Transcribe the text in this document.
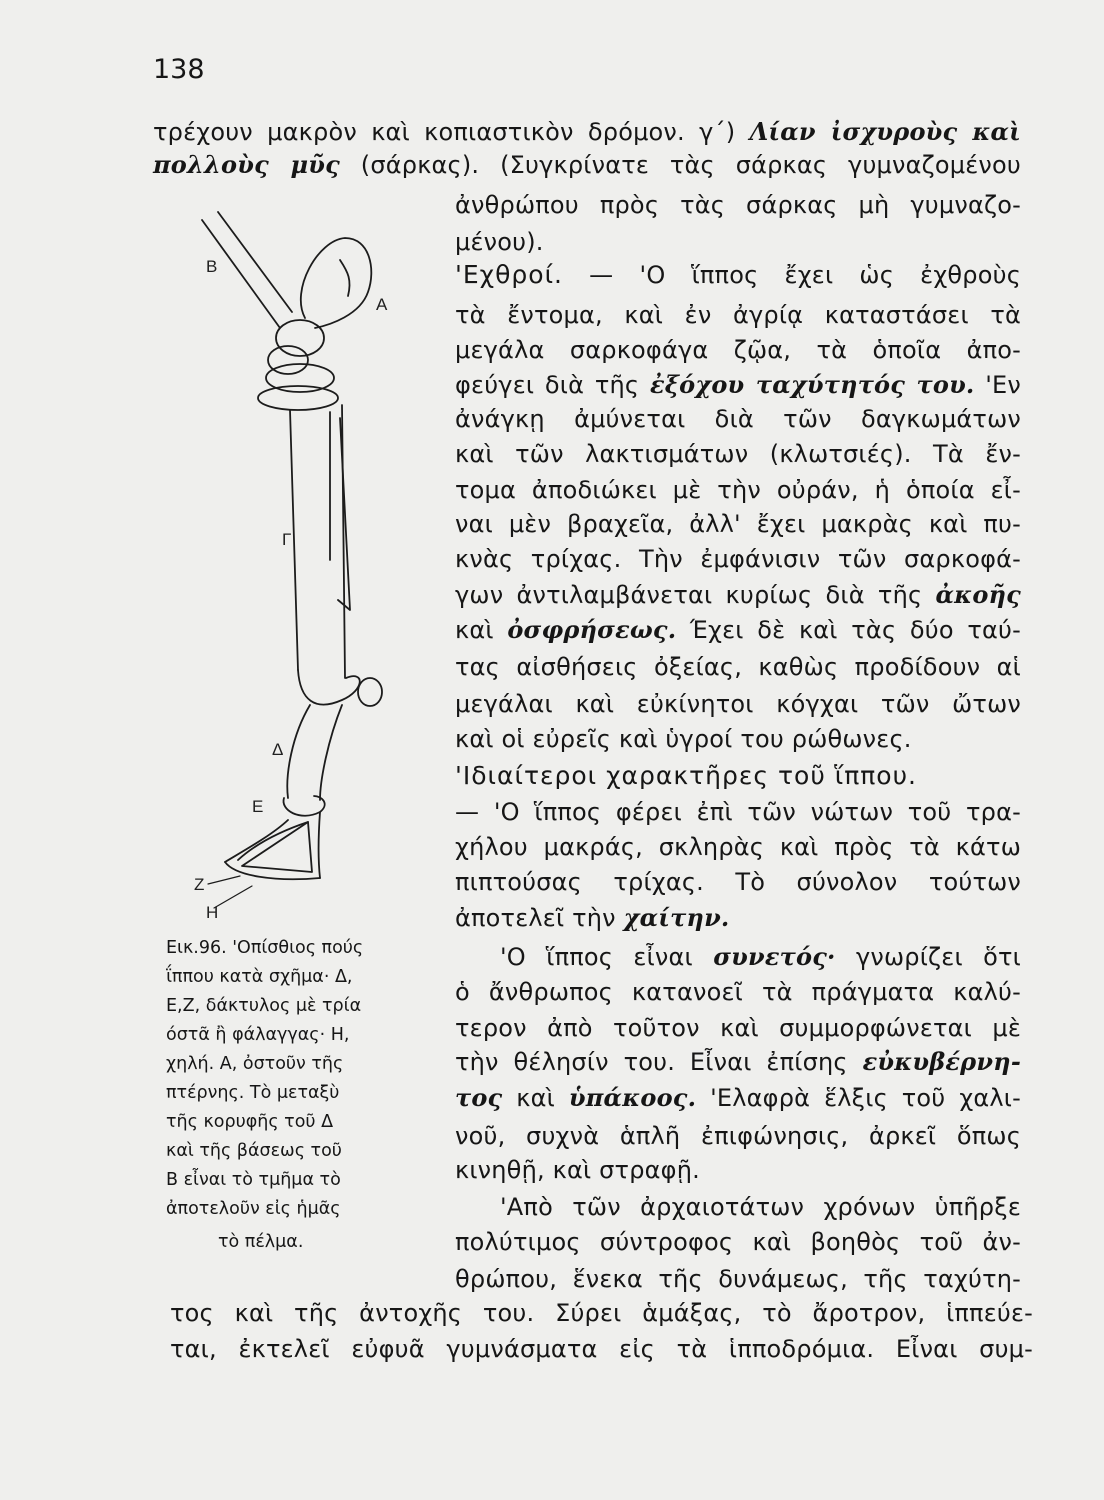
138
τρέχουν μακρὸν καὶ κοπιαστικὸν δρόμον. γ΄) Λίαν ἰσχυροὺς καὶ
πολλοὺς μῦς (σάρκας). (Συγκρίνατε τὰς σάρκας γυμναζομένου
ἀνθρώπου πρὸς τὰς σάρκας μὴ γυμναζο-
μένου).
'Εχθροί. — 'Ο ἵππος ἔχει ὡς ἐχθροὺς
τὰ ἔντομα, καὶ ἐν ἀγρίᾳ καταστάσει τὰ
μεγάλα σαρκοφάγα ζῷα, τὰ ὁποῖα ἀπο-
φεύγει διὰ τῆς ἐξόχου ταχύτητός του. 'Εν
ἀνάγκῃ ἀμύνεται διὰ τῶν δαγκωμάτων
καὶ τῶν λακτισμάτων (κλωτσιές). Τὰ ἔν-
τομα ἀποδιώκει μὲ τὴν οὐράν, ἡ ὁποία εἶ-
ναι μὲν βραχεῖα, ἀλλ' ἔχει μακρὰς καὶ πυ-
κνὰς τρίχας. Τὴν ἐμφάνισιν τῶν σαρκοφά-
γων ἀντιλαμβάνεται κυρίως διὰ τῆς ἀκοῆς
καὶ ὀσφρήσεως. Έχει δὲ καὶ τὰς δύο ταύ-
τας αἰσθήσεις ὀξείας, καθὼς προδίδουν αἱ
μεγάλαι καὶ εὐκίνητοι κόγχαι τῶν ὤτων
καὶ οἱ εὐρεῖς καὶ ὑγροί του ρώθωνες.
'Ιδιαίτεροι χαρακτῆρες τοῦ ἵππου.
— 'Ο ἵππος φέρει ἐπὶ τῶν νώτων τοῦ τρα-
χήλου μακράς, σκληρὰς καὶ πρὸς τὰ κάτω
πιπτούσας τρίχας. Τὸ σύνολον τούτων
ἀποτελεῖ τὴν χαίτην.
'Ο ἵππος εἶναι συνετός· γνωρίζει ὅτι
ὁ ἄνθρωπος κατανοεῖ τὰ πράγματα καλύ-
τερον ἀπὸ τοῦτον καὶ συμμορφώνεται μὲ
τὴν θέλησίν του. Εἶναι ἐπίσης εὐκυβέρνη-
τος καὶ ὑπάκοος. 'Ελαφρὰ ἕλξις τοῦ χαλι-
νοῦ, συχνὰ ἁπλῆ ἐπιφώνησις, ἀρκεῖ ὅπως
κινηθῇ, καὶ στραφῇ.
'Απὸ τῶν ἀρχαιοτάτων χρόνων ὑπῆρξε
πολύτιμος σύντροφος καὶ βοηθὸς τοῦ ἀν-
θρώπου, ἕνεκα τῆς δυνάμεως, τῆς ταχύτη-
τος καὶ τῆς ἀντοχῆς του. Σύρει ἁμάξας, τὸ ἄροτρον, ἱππεύε-
ται, ἐκτελεῖ εὐφυᾶ γυμνάσματα εἰς τὰ ἱπποδρόμια. Εἶναι συμ-
Β
Α
Γ
Δ
Ε
Ζ
Η
Εικ.96. 'Οπίσθιος πούς
ΐππου κατὰ σχῆμα· Δ,
Ε,Ζ, δάκτυλος μὲ τρία
όστᾶ ἢ φάλαγγας· Η,
χηλή. Α, ὀστοῦν τῆς
πτέρνης. Τὸ μεταξὺ
τῆς κορυφῆς τοῦ Δ
καὶ τῆς βάσεως τοῦ
Β εἶναι τὸ τμῆμα τὸ
ἀποτελοῦν εἰς ἡμᾶς
τὸ πέλμα.
